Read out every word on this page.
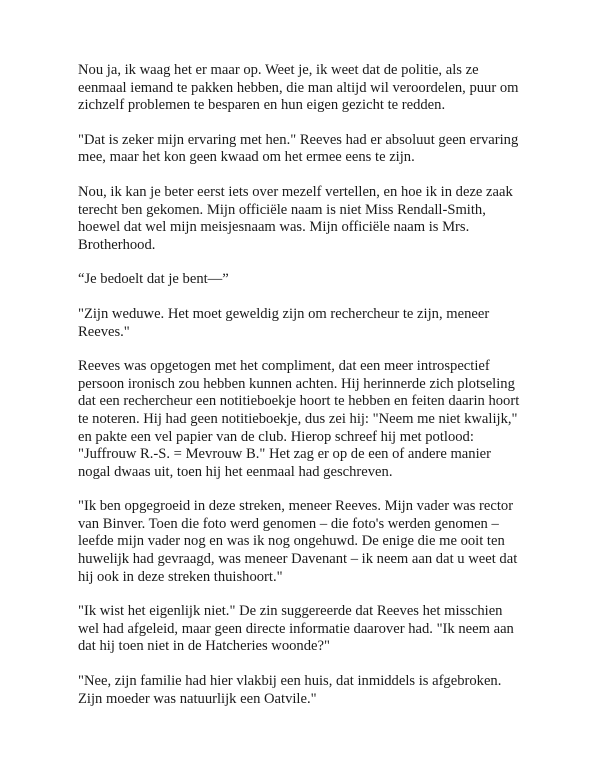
Nou ja, ik waag het er maar op. Weet je, ik weet dat de politie, als ze
eenmaal iemand te pakken hebben, die man altijd wil veroordelen, puur om
zichzelf problemen te besparen en hun eigen gezicht te redden.

"Dat is zeker mijn ervaring met hen." Reeves had er absoluut geen ervaring
mee, maar het kon geen kwaad om het ermee eens te zijn.

Nou, ik kan je beter eerst iets over mezelf vertellen, en hoe ik in deze zaak
terecht ben gekomen. Mijn officiële naam is niet Miss Rendall-Smith,
hoewel dat wel mijn meisjesnaam was. Mijn officiële naam is Mrs.
Brotherhood.

“Je bedoelt dat je bent—”

"Zijn weduwe. Het moet geweldig zijn om rechercheur te zijn, meneer
Reeves."

Reeves was opgetogen met het compliment, dat een meer introspectief
persoon ironisch zou hebben kunnen achten. Hij herinnerde zich plotseling
dat een rechercheur een notitieboekje hoort te hebben en feiten daarin hoort
te noteren. Hij had geen notitieboekje, dus zei hij: "Neem me niet kwalijk,"
en pakte een vel papier van de club. Hierop schreef hij met potlood:
"Juffrouw R.-S. = Mevrouw B." Het zag er op de een of andere manier
nogal dwaas uit, toen hij het eenmaal had geschreven.

"Ik ben opgegroeid in deze streken, meneer Reeves. Mijn vader was rector
van Binver. Toen die foto werd genomen – die foto's werden genomen –
leefde mijn vader nog en was ik nog ongehuwd. De enige die me ooit ten
huwelijk had gevraagd, was meneer Davenant – ik neem aan dat u weet dat
hij ook in deze streken thuishoort."

"Ik wist het eigenlijk niet." De zin suggereerde dat Reeves het misschien
wel had afgeleid, maar geen directe informatie daarover had. "Ik neem aan
dat hij toen niet in de Hatcheries woonde?"

"Nee, zijn familie had hier vlakbij een huis, dat inmiddels is afgebroken.
Zijn moeder was natuurlijk een Oatvile."
